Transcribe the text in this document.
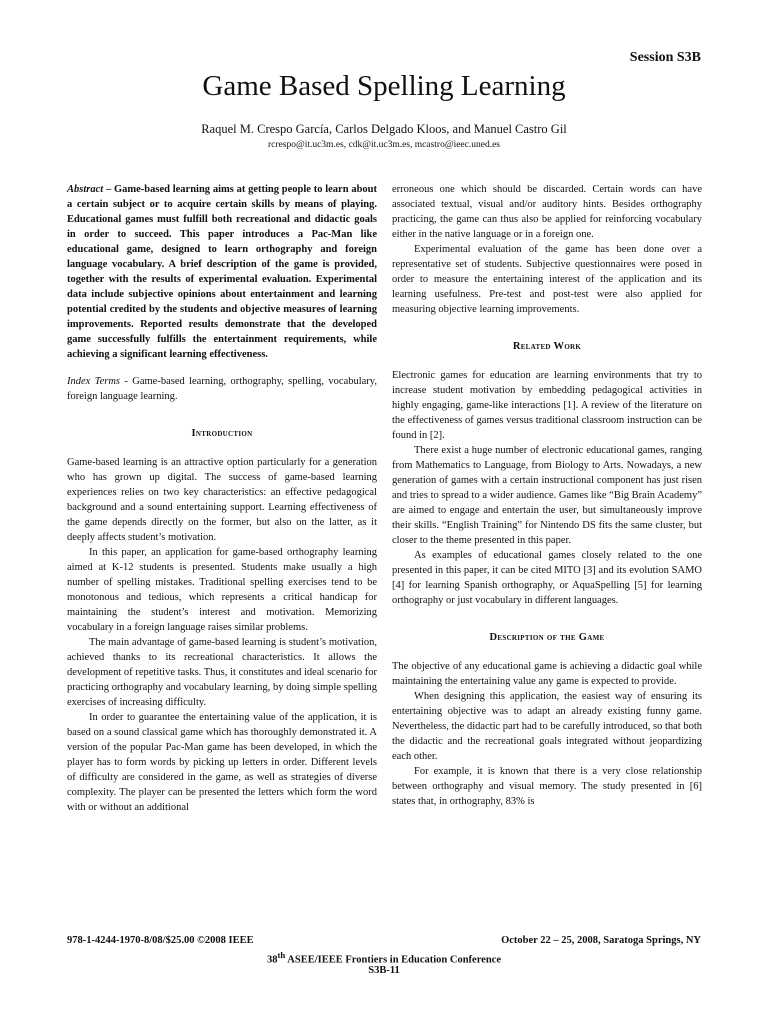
Session S3B
Game Based Spelling Learning
Raquel M. Crespo García, Carlos Delgado Kloos, and Manuel Castro Gil
rcrespo@it.uc3m.es, cdk@it.uc3m.es, mcastro@ieec.uned.es

Abstract – Game-based learning aims at getting people to learn about a certain subject or to acquire certain skills by means of playing. Educational games must fulfill both recreational and didactic goals in order to succeed. This paper introduces a Pac-Man like educational game, designed to learn orthography and foreign language vocabulary. A brief description of the game is provided, together with the results of experimental evaluation. Experimental data include subjective opinions about entertainment and learning potential credited by the students and objective measures of learning improvements. Reported results demonstrate that the developed game successfully fulfills the entertainment requirements, while achieving a significant learning effectiveness.

Index Terms - Game-based learning, orthography, spelling, vocabulary, foreign language learning.

Introduction

Game-based learning is an attractive option particularly for a generation who has grown up digital. The success of game-based learning experiences relies on two key characteristics: an effective pedagogical background and a sound entertaining support. Learning effectiveness of the game depends directly on the former, but also on the latter, as it deeply affects student’s motivation.

In this paper, an application for game-based orthography learning aimed at K-12 students is presented. Students make usually a high number of spelling mistakes. Traditional spelling exercises tend to be monotonous and tedious, which represents a critical handicap for maintaining the student’s interest and motivation. Memorizing vocabulary in a foreign language raises similar problems.

The main advantage of game-based learning is student’s motivation, achieved thanks to its recreational characteristics. It allows the development of repetitive tasks. Thus, it constitutes and ideal scenario for practicing orthography and vocabulary learning, by doing simple spelling exercises of increasing difficulty.

In order to guarantee the entertaining value of the application, it is based on a sound classical game which has thoroughly demonstrated it. A version of the popular Pac-Man game has been developed, in which the player has to form words by picking up letters in order. Different levels of difficulty are considered in the game, as well as strategies of diverse complexity. The player can be presented the letters which form the word with or without an additional

erroneous one which should be discarded. Certain words can have associated textual, visual and/or auditory hints. Besides orthography practicing, the game can thus also be applied for reinforcing vocabulary either in the native language or in a foreign one.

Experimental evaluation of the game has been done over a representative set of students. Subjective questionnaires were posed in order to measure the entertaining interest of the application and its learning usefulness. Pre-test and post-test were also applied for measuring objective learning improvements.

Related Work

Electronic games for education are learning environments that try to increase student motivation by embedding pedagogical activities in highly engaging, game-like interactions [1]. A review of the literature on the effectiveness of games versus traditional classroom instruction can be found in [2].

There exist a huge number of electronic educational games, ranging from Mathematics to Language, from Biology to Arts. Nowadays, a new generation of games with a certain instructional component has just risen and tries to spread to a wider audience. Games like “Big Brain Academy” are aimed to engage and entertain the user, but simultaneously improve their skills. “English Training” for Nintendo DS fits the same cluster, but closer to the theme presented in this paper.

As examples of educational games closely related to the one presented in this paper, it can be cited MITO [3] and its evolution SAMO [4] for learning Spanish orthography, or AquaSpelling [5] for learning orthography or just vocabulary in different languages.

Description of the Game

The objective of any educational game is achieving a didactic goal while maintaining the entertaining value any game is expected to provide.

When designing this application, the easiest way of ensuring its entertaining objective was to adapt an already existing funny game. Nevertheless, the didactic part had to be carefully introduced, so that both the didactic and the recreational goals integrated without jeopardizing each other.

For example, it is known that there is a very close relationship between orthography and visual memory. The study presented in [6] states that, in orthography, 83% is

978-1-4244-1970-8/08/$25.00 ©2008 IEEE	October 22 – 25, 2008, Saratoga Springs, NY
38th ASEE/IEEE Frontiers in Education Conference
S3B-11
